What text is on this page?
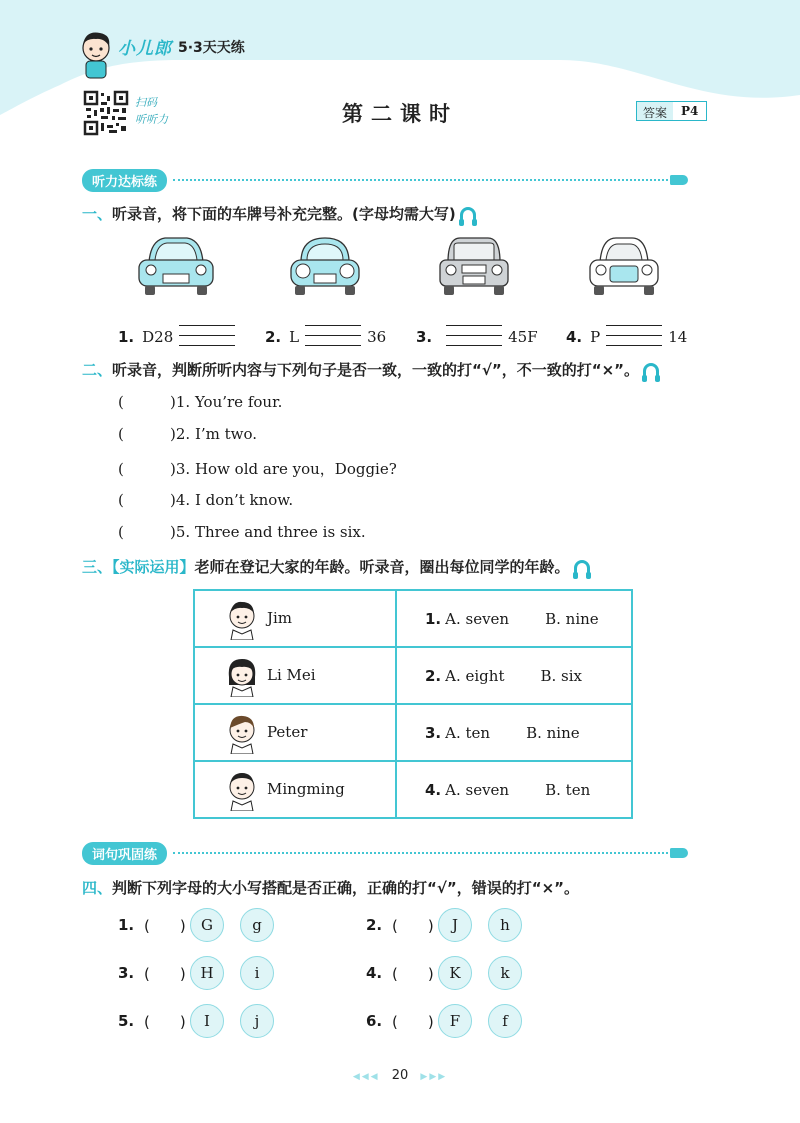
小儿郎 5·3天天练
扫码
听听力	第二课时	答案	P4
听力达标练
一、听录音，将下面的车牌号补充完整。(字母均需大写)
1. D28	2. L	36 3.	45F 4. P	14
二、听录音，判断所听内容与下列句子是否一致，一致的打“√”，不一致的打“×”。
(	)1. You’re four.
(	)2. I’m two.
(	)3. How old are you，Doggie?
(	)4. I don’t know.
(	)5. Three and three is six.
三、【实际运用】老师在登记大家的年龄。听录音，圈出每位同学的年龄。
Jim	1. A. seven B. nine
Li Mei	2. A. eight B. six
Peter	3. A. ten B. nine
Mingming	4. A. seven B. ten
词句巩固练
四、判断下列字母的大小写搭配是否正确，正确的打“√”，错误的打“×”。
1. (　　)	G	g	2. (　　)	J	h
3. (　　) H	i	4. (　　)	K	k
5. (　　)	I	j	6. (　　)	F	f
◀◀◀ 20 ▶▶▶
